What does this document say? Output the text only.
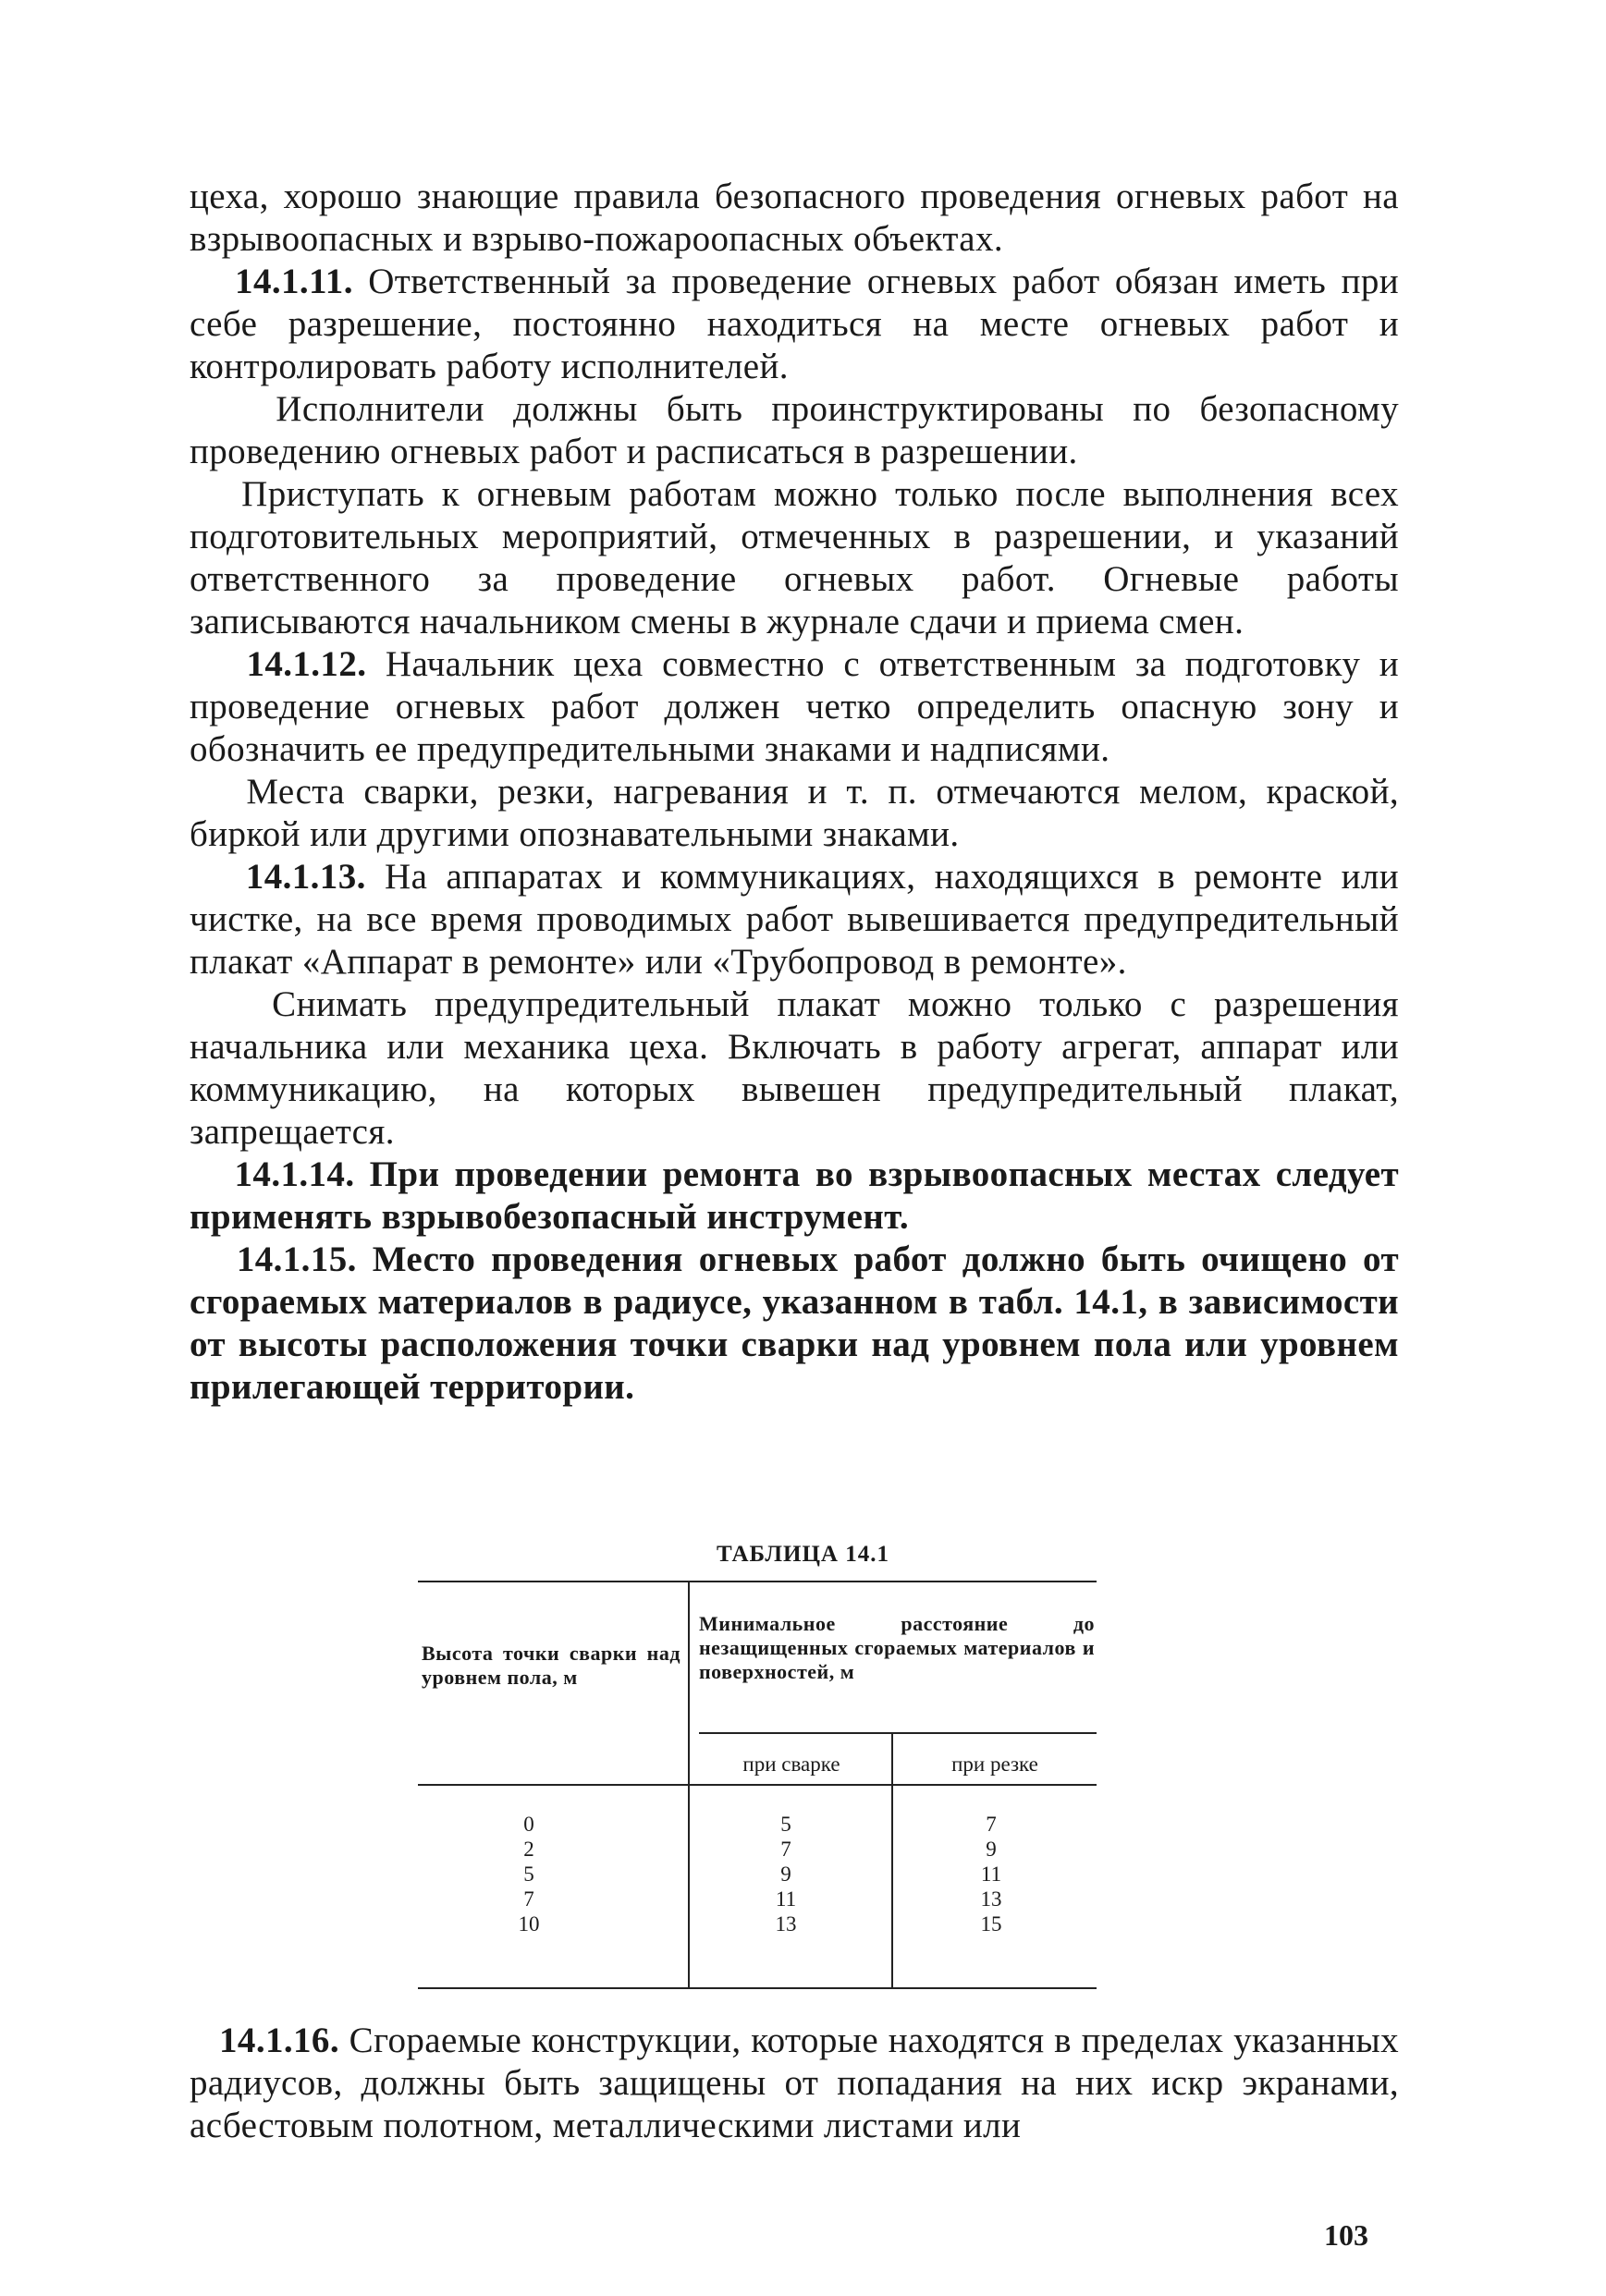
цеха, хорошо знающие правила безопасного проведения огневых работ на взрывоопасных и взрыво-пожароопасных объектах.

14.1.11. Ответственный за проведение огневых работ обязан иметь при себе разрешение, постоянно находиться на месте огневых работ и контролировать работу исполнителей.

Исполнители должны быть проинструктированы по безопасному проведению огневых работ и расписаться в разрешении.

Приступать к огневым работам можно только после выполнения всех подготовительных мероприятий, отмеченных в разрешении, и указаний ответственного за проведение огневых работ. Огневые работы записываются начальником смены в журнале сдачи и приема смен.

14.1.12. Начальник цеха совместно с ответственным за подготовку и проведение огневых работ должен четко определить опасную зону и обозначить ее предупредительными знаками и надписями.

Места сварки, резки, нагревания и т. п. отмечаются мелом, краской, биркой или другими опознавательными знаками.

14.1.13. На аппаратах и коммуникациях, находящихся в ремонте или чистке, на все время проводимых работ вывешивается предупредительный плакат «Аппарат в ремонте» или «Трубопровод в ремонте».

Снимать предупредительный плакат можно только с разрешения начальника или механика цеха. Включать в работу агрегат, аппарат или коммуникацию, на которых вывешен предупредительный плакат, запрещается.

14.1.14. При проведении ремонта во взрывоопасных местах следует применять взрывобезопасный инструмент.

14.1.15. Место проведения огневых работ должно быть очищено от сгораемых материалов в радиусе, указанном в табл. 14.1, в зависимости от высоты расположения точки сварки над уровнем пола или уровнем прилегающей территории.

ТАБЛИЦА 14.1
Высота точки сварки над уровнем пола, м
Минимальное расстояние до незащищенных сгораемых материалов и поверхностей, м
при сварке	при резке
0
2
5
7
10
5
7
9
11
13
7
9
11
13
15

14.1.16. Сгораемые конструкции, которые находятся в пределах указанных радиусов, должны быть защищены от попадания на них искр экранами, асбестовым полотном, металлическими листами или

103
